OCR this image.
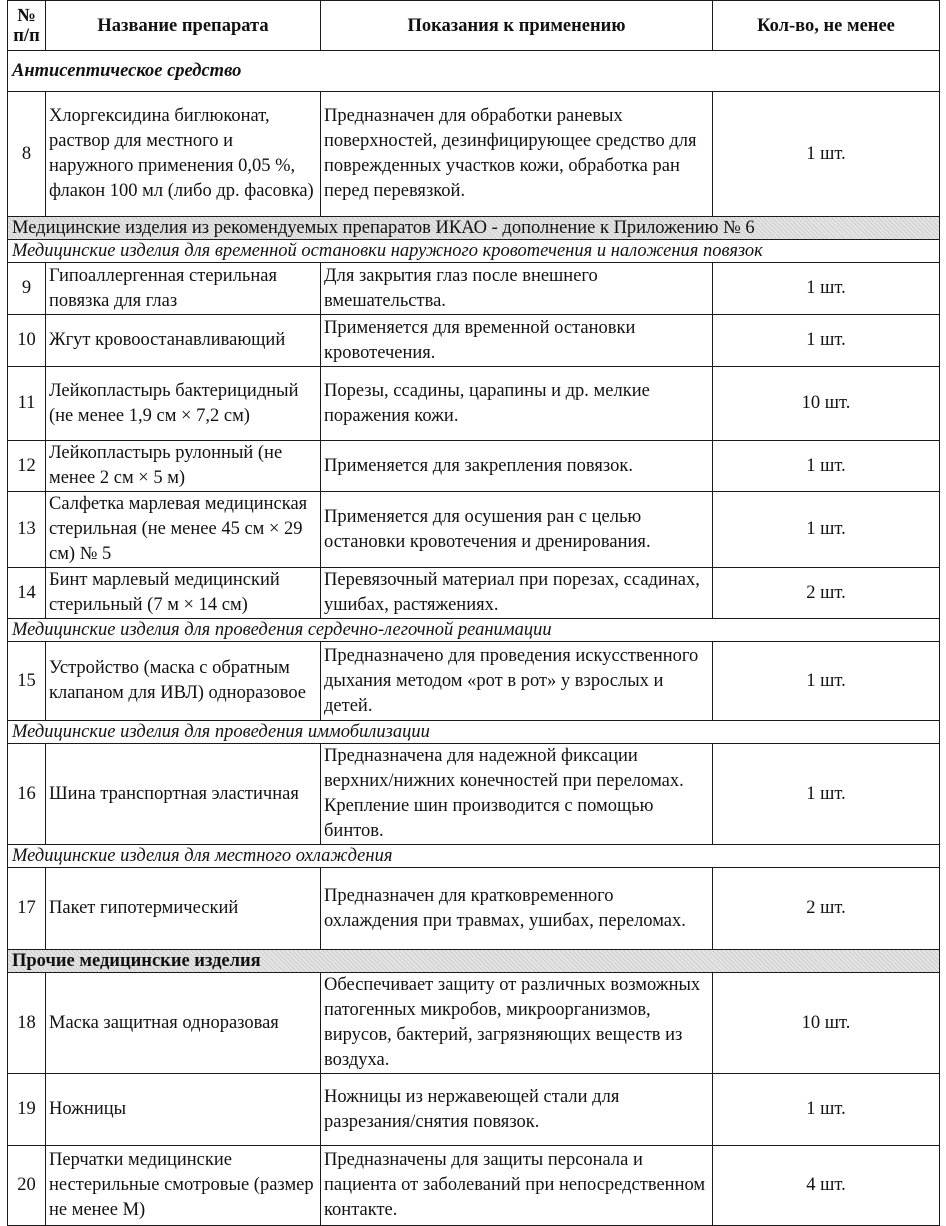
№ п/п	Название препарата	Показания к применению	Кол-во, не менее
Антисептическое средство			
8	Хлоргексидина биглюконат, раствор для местного и наружного применения 0,05 %, флакон 100 мл (либо др. фасовка)	Предназначен для обработки раневых поверхностей, дезинфицирующее средство для поврежденных участков кожи, обработка ран перед перевязкой.	1 шт.
Медицинские изделия из рекомендуемых препаратов ИКАО - дополнение к Приложению № 6			
Медицинские изделия для временной остановки наружного кровотечения и наложения повязок			
9	Гипоаллергенная стерильная повязка для глаз	Для закрытия глаз после внешнего вмешательства.	1 шт.
10	Жгут кровоостанавливающий	Применяется для временной остановки кровотечения.	1 шт.
11	Лейкопластырь бактерицидный (не менее 1,9 см × 7,2 см)	Порезы, ссадины, царапины и др. мелкие поражения кожи.	10 шт.
12	Лейкопластырь рулонный (не менее 2 см × 5 м)	Применяется для закрепления повязок.	1 шт.
13	Салфетка марлевая медицинская стерильная (не менее 45 см × 29 см) № 5	Применяется для осушения ран с целью остановки кровотечения и дренирования.	1 шт.
14	Бинт марлевый медицинский стерильный (7 м × 14 см)	Перевязочный материал при порезах, ссадинах, ушибах, растяжениях.	2 шт.
Медицинские изделия для проведения сердечно-легочной реанимации			
15	Устройство (маска с обратным клапаном для ИВЛ) одноразовое	Предназначено для проведения искусственного дыхания методом «рот в рот» у взрослых и детей.	1 шт.
Медицинские изделия для проведения иммобилизации			
16	Шина транспортная эластичная	Предназначена для надежной фиксации верхних/нижних конечностей при переломах. Крепление шин производится с помощью бинтов.	1 шт.
Медицинские изделия для местного охлаждения			
17	Пакет гипотермический	Предназначен для кратковременного охлаждения при травмах, ушибах, переломах.	2 шт.
Прочие медицинские изделия			
18	Маска защитная одноразовая	Обеспечивает защиту от различных возможных патогенных микробов, микроорганизмов, вирусов, бактерий, загрязняющих веществ из воздуха.	10 шт.
19	Ножницы	Ножницы из нержавеющей стали для разрезания/снятия повязок.	1 шт.
20	Перчатки медицинские нестерильные смотровые (размер не менее М)	Предназначены для защиты персонала и пациента от заболеваний при непосредственном контакте.	4 шт.
